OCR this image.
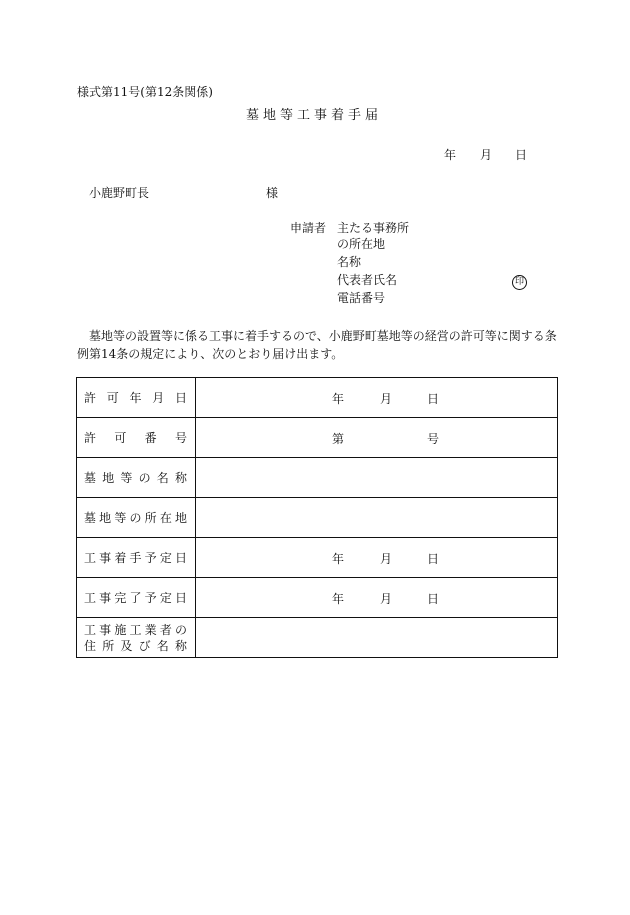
様式第11号(第12条関係)
墓地等工事着手届
年 月 日
小鹿野町長	様
申請者 主たる事務所
の所在地
名称
代表者氏名	印
電話番号
墓地等の設置等に係る工事に着手するので、小鹿野町墓地等の経営の許可等に関する条
例第14条の規定により、次のとおり届け出ます。
許可年月日	年 月 日

許可番号	第 号

墓地等の名称	
墓地等の所在地	
工事着手予定日	年 月 日

工事完了予定日	年 月 日

工事施工業者の
住所及び名称	
